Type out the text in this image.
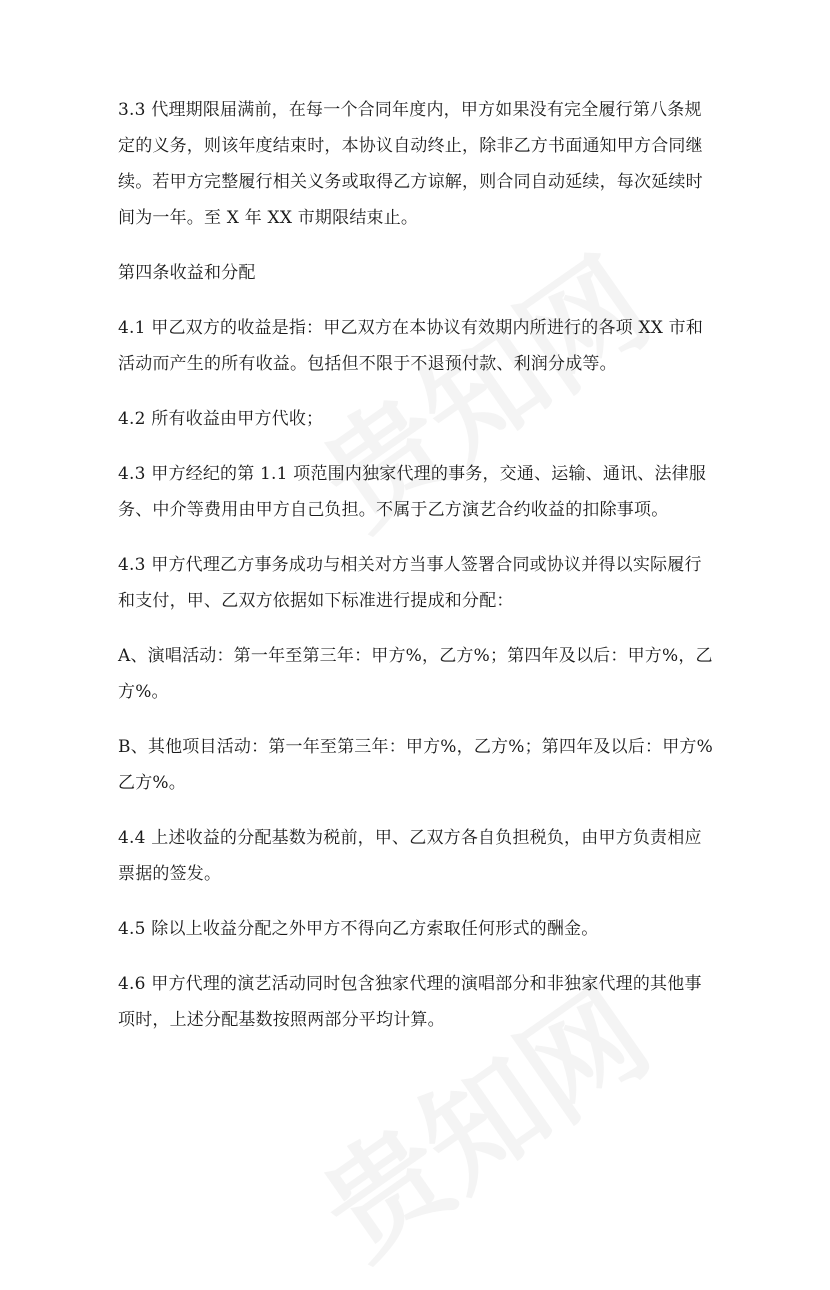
3.3 代理期限届满前，在每一个合同年度内，甲方如果没有完全履行第八条规定的义务，则该年度结束时，本协议自动终止，除非乙方书面通知甲方合同继续。若甲方完整履行相关义务或取得乙方谅解，则合同自动延续，每次延续时间为一年。至 X 年 XX 市期限结束止。

第四条收益和分配

4.1 甲乙双方的收益是指：甲乙双方在本协议有效期内所进行的各项 XX 市和活动而产生的所有收益。包括但不限于不退预付款、利润分成等。

4.2 所有收益由甲方代收；

4.3 甲方经纪的第 1.1 项范围内独家代理的事务，交通、运输、通讯、法律服务、中介等费用由甲方自己负担。不属于乙方演艺合约收益的扣除事项。

4.3 甲方代理乙方事务成功与相关对方当事人签署合同或协议并得以实际履行和支付，甲、乙双方依据如下标准进行提成和分配：

A、演唱活动：第一年至第三年：甲方%，乙方%；第四年及以后：甲方%，乙方%。

B、其他项目活动：第一年至第三年：甲方%，乙方%；第四年及以后：甲方%乙方%。

4.4 上述收益的分配基数为税前，甲、乙双方各自负担税负，由甲方负责相应票据的签发。

4.5 除以上收益分配之外甲方不得向乙方索取任何形式的酬金。

4.6 甲方代理的演艺活动同时包含独家代理的演唱部分和非独家代理的其他事项时，上述分配基数按照两部分平均计算。
